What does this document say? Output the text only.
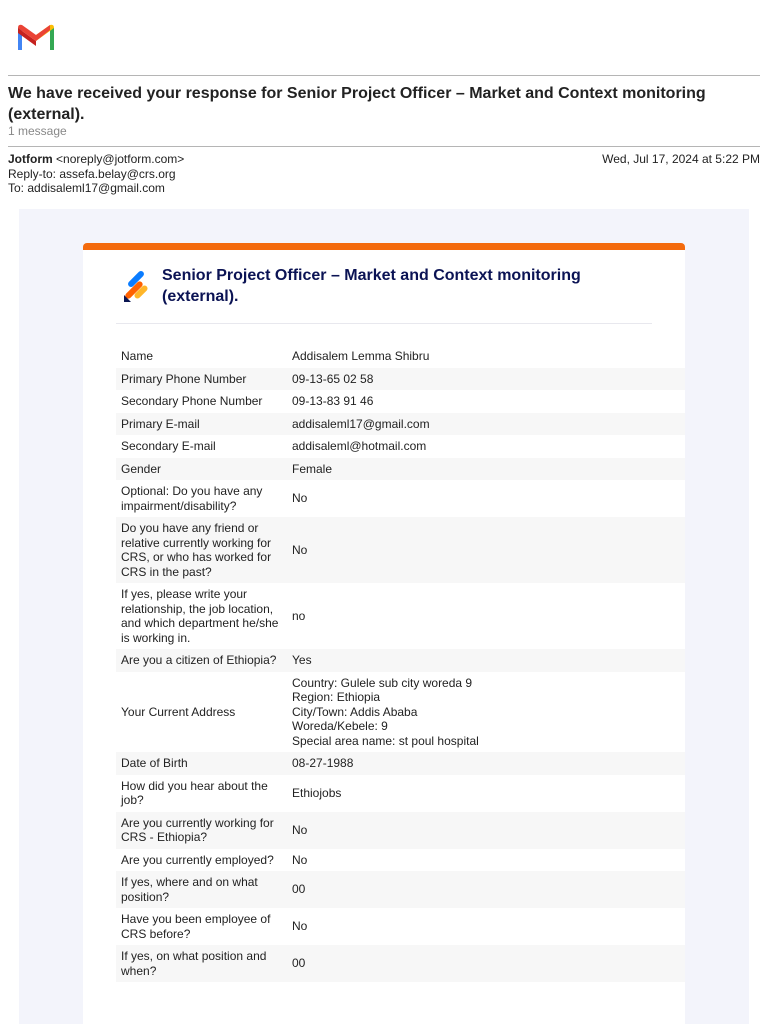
We have received your response for Senior Project Officer – Market and Context monitoring (external).
1 message
Jotform <noreply@jotform.com>
Reply-to: assefa.belay@crs.org
To: addisaleml17@gmail.com
Wed, Jul 17, 2024 at 5:22 PM
Senior Project Officer – Market and Context monitoring (external).
Name	Addisalem Lemma Shibru
Primary Phone Number	09-13-65 02 58
Secondary Phone Number	09-13-83 91 46
Primary E-mail	addisaleml17@gmail.com
Secondary E-mail	addisaleml@hotmail.com
Gender	Female
Optional: Do you have any impairment/disability?	No
Do you have any friend or relative currently working for CRS, or who has worked for CRS in the past?	No
If yes, please write your relationship, the job location, and which department he/she is working in.	no
Are you a citizen of Ethiopia?	Yes
Your Current Address	Country: Gulele sub city woreda 9
Region: Ethiopia
City/Town: Addis Ababa
Woreda/Kebele: 9
Special area name: st poul hospital
Date of Birth	08-27-1988
How did you hear about the job?	Ethiojobs
Are you currently working for CRS - Ethiopia?	No
Are you currently employed?	No
If yes, where and on what position?	00
Have you been employee of CRS before?	No
If yes, on what position and when?	00
